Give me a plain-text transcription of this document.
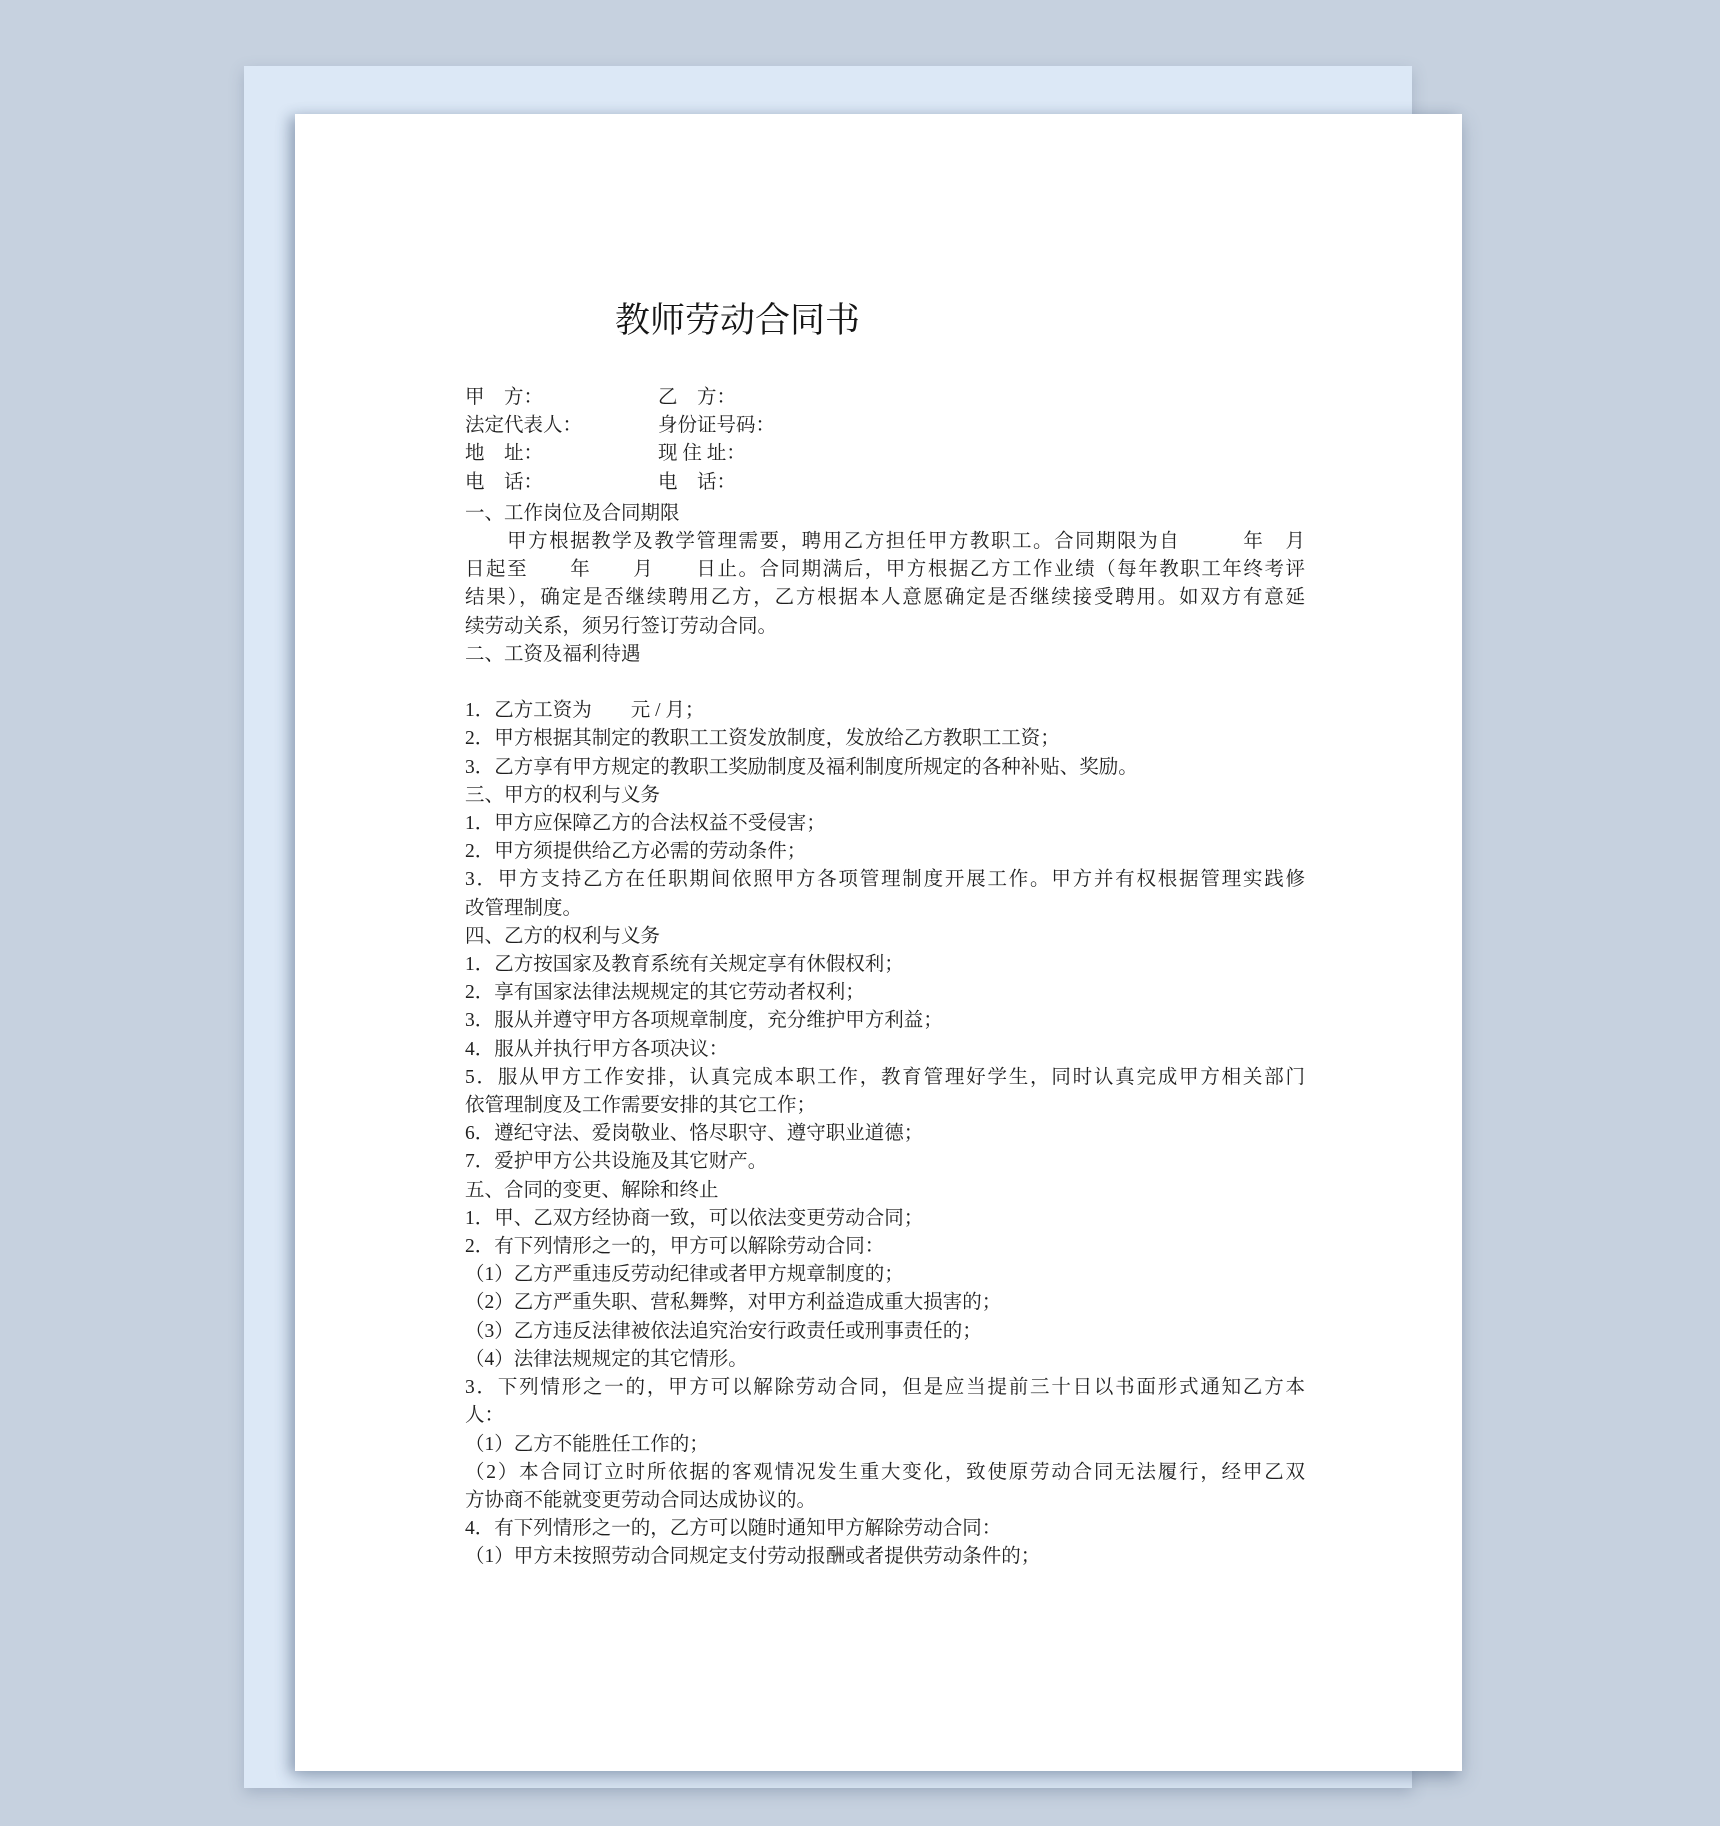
教师劳动合同书
甲　方：	乙　方：
法定代表人：	身份证号码：
地　址：	现 住 址：
电　话：	电　话：
一、工作岗位及合同期限
　　甲方根据教学及教学管理需要，聘用乙方担任甲方教职工。合同期限为自　　　年　月
日起至　　年　　月　　日止。合同期满后，甲方根据乙方工作业绩（每年教职工年终考评
结果），确定是否继续聘用乙方，乙方根据本人意愿确定是否继续接受聘用。如双方有意延
续劳动关系，须另行签订劳动合同。
二、工资及福利待遇
1．乙方工资为　　元 / 月；
2．甲方根据其制定的教职工工资发放制度，发放给乙方教职工工资；
3．乙方享有甲方规定的教职工奖励制度及福利制度所规定的各种补贴、奖励。
三、甲方的权利与义务
1．甲方应保障乙方的合法权益不受侵害；
2．甲方须提供给乙方必需的劳动条件；
3．甲方支持乙方在任职期间依照甲方各项管理制度开展工作。甲方并有权根据管理实践修
改管理制度。
四、乙方的权利与义务
1．乙方按国家及教育系统有关规定享有休假权利；
2．享有国家法律法规规定的其它劳动者权利；
3．服从并遵守甲方各项规章制度，充分维护甲方利益；
4．服从并执行甲方各项决议：
5．服从甲方工作安排，认真完成本职工作，教育管理好学生，同时认真完成甲方相关部门
依管理制度及工作需要安排的其它工作；
6．遵纪守法、爱岗敬业、恪尽职守、遵守职业道德；
7．爱护甲方公共设施及其它财产。
五、合同的变更、解除和终止
1．甲、乙双方经协商一致，可以依法变更劳动合同；
2．有下列情形之一的，甲方可以解除劳动合同：
（1）乙方严重违反劳动纪律或者甲方规章制度的；
（2）乙方严重失职、营私舞弊，对甲方利益造成重大损害的；
（3）乙方违反法律被依法追究治安行政责任或刑事责任的；
（4）法律法规规定的其它情形。
3．下列情形之一的，甲方可以解除劳动合同，但是应当提前三十日以书面形式通知乙方本
人：
（1）乙方不能胜任工作的；
（2）本合同订立时所依据的客观情况发生重大变化，致使原劳动合同无法履行，经甲乙双
方协商不能就变更劳动合同达成协议的。
4．有下列情形之一的，乙方可以随时通知甲方解除劳动合同：
（1）甲方未按照劳动合同规定支付劳动报酬或者提供劳动条件的；
